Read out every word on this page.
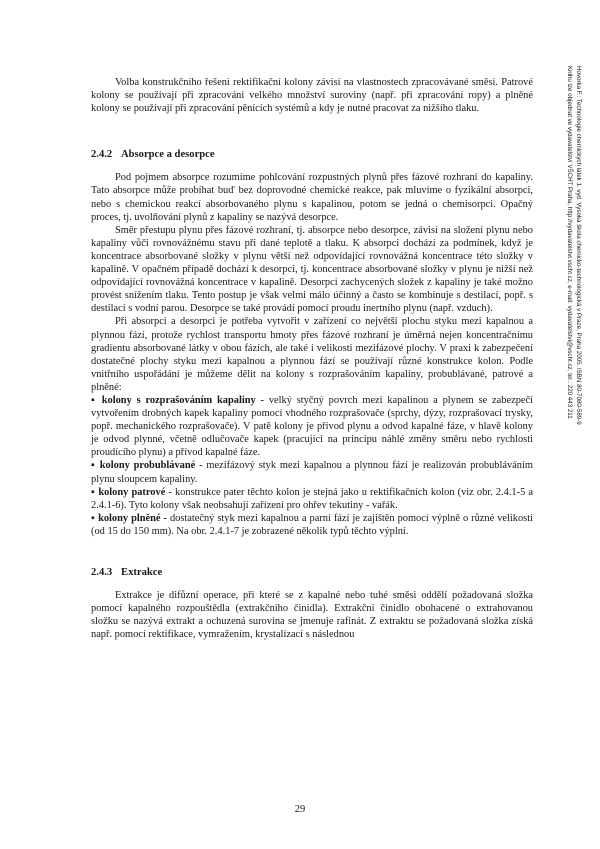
Volba konstrukčního řešení rektifikační kolony závisí na vlastnostech zpracovávané směsi. Patrové kolony se používají při zpracování velkého množství suroviny (např. při zpracování ropy) a plněné kolony se používají při zpracování pěnících systémů a kdy je nutné pracovat za nižšího tlaku.

2.4.2 Absorpce a desorpce

Pod pojmem absorpce rozumíme pohlcování rozpustných plynů přes fázové rozhraní do kapaliny. Tato absorpce může probíhat buď bez doprovodné chemické reakce, pak mluvíme o fyzikální absorpci, nebo s chemickou reakcí absorbovaného plynu s kapalinou, potom se jedná o chemisorpci. Opačný proces, tj. uvolňování plynů z kapaliny se nazývá desorpce.

Směr přestupu plynu přes fázové rozhraní, tj. absorpce nebo desorpce, závisí na složení plynu nebo kapaliny vůči rovnovážnému stavu při dané teplotě a tlaku. K absorpci dochází za podmínek, když je koncentrace absorbované složky v plynu větší než odpovídající rovnovážná koncentrace této složky v kapalině. V opačném případě dochází k desorpci, tj. koncentrace absorbované složky v plynu je nižší než odpovídající rovnovážná koncentrace v kapalině. Desorpci zachycených složek z kapaliny je také možno provést snížením tlaku. Tento postup je však velmi málo účinný a často se kombinuje s destilací, popř. s destilací s vodní parou. Desorpce se také provádí pomocí proudu inertního plynu (např. vzduch).

Při absorpci a desorpci je potřeba vytvořit v zařízení co největší plochu styku mezi kapalnou a plynnou fází, protože rychlost transportu hmoty přes fázové rozhraní je úměrná nejen koncentračnímu gradientu absorbované látky v obou fázích, ale také i velikosti mezifázové plochy. V praxi k zabezpečení dostatečné plochy styku mezi kapalnou a plynnou fází se používají různé konstrukce kolon. Podle vnitřního uspořádání je můžeme dělit na kolony s rozprašováním kapaliny, probublávané, patrové a plněné:

▪ kolony s rozprašováním kapaliny - velký styčný povrch mezi kapalinou a plynem se zabezpečí vytvořením drobných kapek kapaliny pomocí vhodného rozprašovače (sprchy, dýzy, rozprašovací trysky, popř. mechanického rozprašovače). V patě kolony je přívod plynu a odvod kapalné fáze, v hlavě kolony je odvod plynné, včetně odlučovače kapek (pracující na principu náhlé změny směru nebo rychlosti proudícího plynu) a přívod kapalné fáze.
▪ kolony probublávané - mezifázový styk mezi kapalnou a plynnou fází je realizován probubláváním plynu sloupcem kapaliny.
▪ kolony patrové - konstrukce pater těchto kolon je stejná jako u rektifikačních kolon (viz obr. 2.4.1-5 a 2.4.1-6). Tyto kolony však neobsahují zařízení pro ohřev tekutiny - vařák.
▪ kolony plněné - dostatečný styk mezi kapalnou a parní fází je zajištěn pomocí výplně o různé velikosti (od 15 do 150 mm). Na obr. 2.4.1-7 je zobrazené několik typů těchto výplní.
2.4.3 Extrakce

Extrakce je difůzní operace, při které se z kapalné nebo tuhé směsi oddělí požadovaná složka pomocí kapalného rozpouštědla (extrakčního činidla). Extrakční činidlo obohacené o extrahovanou složku se nazývá extrakt a ochuzená surovina se jmenuje rafinát. Z extraktu se požadovaná složka získá např. pomocí rektifikace, vymražením, krystalizací s následnou

Hovorka F.: Technologie chemických látek 1. vyd. Vysoká škola chemicko-technologická v Praze, Praha 2005. ISBN 80-7080-589-9
Knihu lze objednat ve vydavatelství VŠCHT Praha, http://vydavatelstvi.vscht.cz, e-mail: vydavatelstvi@vscht.cz, tel.: 220 443 211
29
